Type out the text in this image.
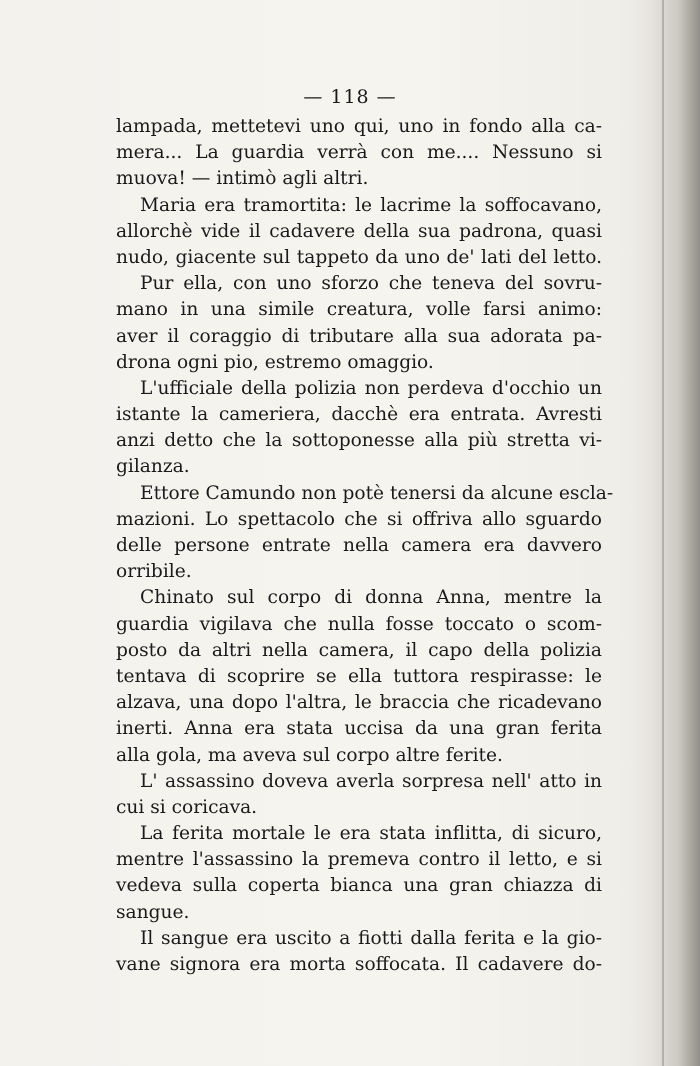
— 118 —
lampada, mettetevi uno qui, uno in fondo alla ca-
mera... La guardia verrà con me.... Nessuno si
muova! — intimò agli altri.
Maria era tramortita: le lacrime la soffocavano,
allorchè vide il cadavere della sua padrona, quasi
nudo, giacente sul tappeto da uno de' lati del letto.
Pur ella, con uno sforzo che teneva del sovru-
mano in una simile creatura, volle farsi animo:
aver il coraggio di tributare alla sua adorata pa-
drona ogni pio, estremo omaggio.
L'ufficiale della polizia non perdeva d'occhio un
istante la cameriera, dacchè era entrata. Avresti
anzi detto che la sottoponesse alla più stretta vi-
gilanza.
Ettore Camundo non potè tenersi da alcune escla-
mazioni. Lo spettacolo che si offriva allo sguardo
delle persone entrate nella camera era davvero
orribile.
Chinato sul corpo di donna Anna, mentre la
guardia vigilava che nulla fosse toccato o scom-
posto da altri nella camera, il capo della polizia
tentava di scoprire se ella tuttora respirasse: le
alzava, una dopo l'altra, le braccia che ricadevano
inerti. Anna era stata uccisa da una gran ferita
alla gola, ma aveva sul corpo altre ferite.
L' assassino doveva averla sorpresa nell' atto in
cui si coricava.
La ferita mortale le era stata inflitta, di sicuro,
mentre l'assassino la premeva contro il letto, e si
vedeva sulla coperta bianca una gran chiazza di
sangue.
Il sangue era uscito a fiotti dalla ferita e la gio-
vane signora era morta soffocata. Il cadavere do-
